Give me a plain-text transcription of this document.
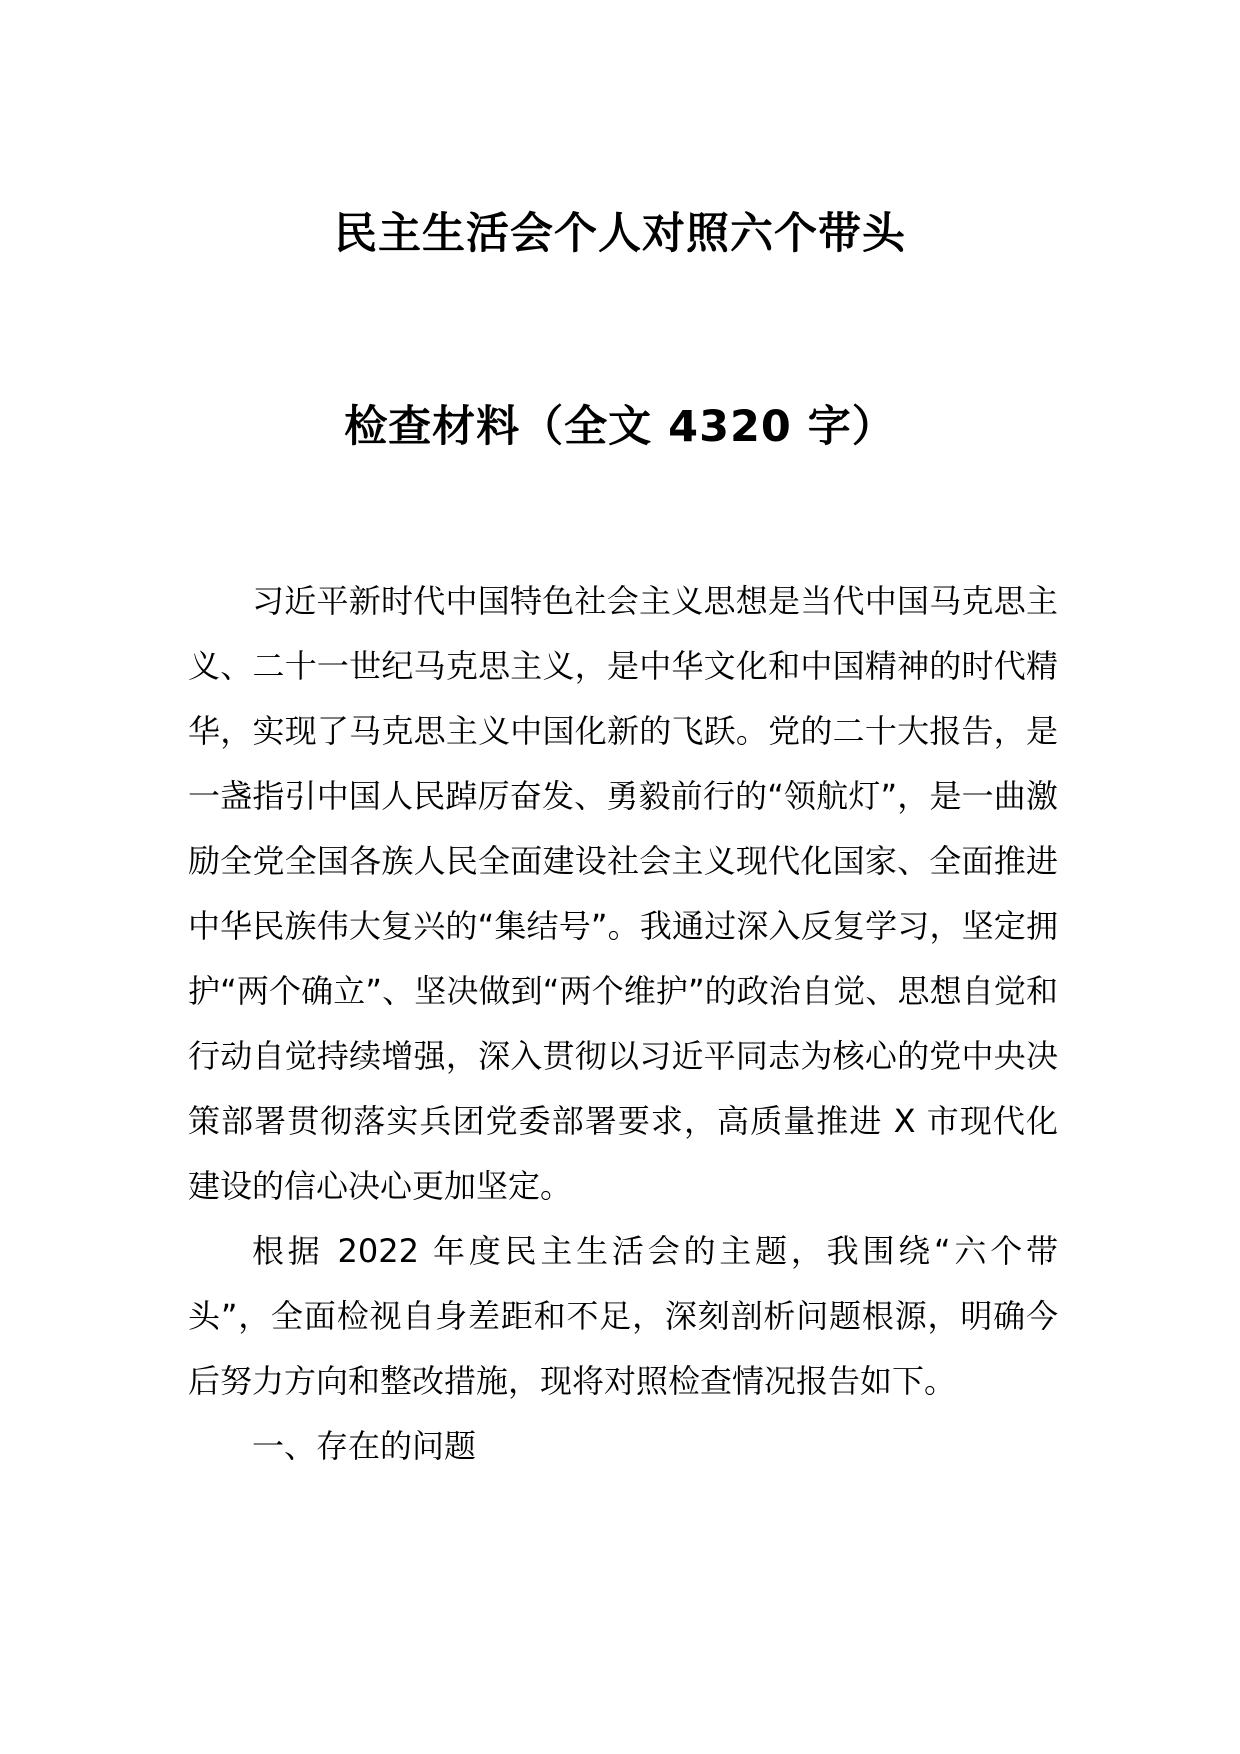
民主生活会个人对照六个带头
检查材料（全文 4320 字）

习近平新时代中国特色社会主义思想是当代中国马克思主义、二十一世纪马克思主义，是中华文化和中国精神的时代精华，实现了马克思主义中国化新的飞跃。党的二十大报告，是一盏指引中国人民踔厉奋发、勇毅前行的“领航灯”，是一曲激励全党全国各族人民全面建设社会主义现代化国家、全面推进中华民族伟大复兴的“集结号”。我通过深入反复学习，坚定拥护“两个确立”、坚决做到“两个维护”的政治自觉、思想自觉和行动自觉持续增强，深入贯彻以习近平同志为核心的党中央决策部署贯彻落实兵团党委部署要求，高质量推进 X 市现代化建设的信心决心更加坚定。

根据 2022 年度民主生活会的主题，我围绕“六个带头”，全面检视自身差距和不足，深刻剖析问题根源，明确今后努力方向和整改措施，现将对照检查情况报告如下。

一、存在的问题
